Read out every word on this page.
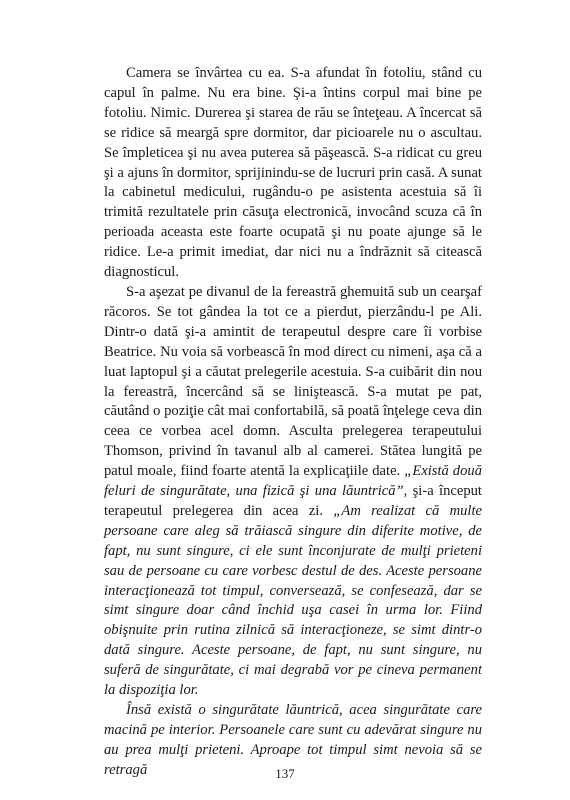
Camera se învârtea cu ea. S-a afundat în fotoliu, stând cu capul în palme. Nu era bine. Şi-a întins corpul mai bine pe fotoliu. Nimic. Durerea şi starea de rău se înteţeau. A încercat să se ridice să meargă spre dormitor, dar picioarele nu o ascultau. Se împleticea şi nu avea puterea să păşească. S-a ridicat cu greu şi a ajuns în dormitor, sprijinindu-se de lucruri prin casă. A sunat la cabinetul medicului, rugându-o pe asistenta acestuia să îi trimită rezultatele prin căsuţa electronică, invocând scuza că în perioada aceasta este foarte ocupată şi nu poate ajunge să le ridice. Le-a primit imediat, dar nici nu a îndrăznit să citească diagnosticul.

S-a aşezat pe divanul de la fereastră ghemuită sub un cearşaf răcoros. Se tot gândea la tot ce a pierdut, pierzându-l pe Ali. Dintr-o dată şi-a amintit de terapeutul despre care îi vorbise Beatrice. Nu voia să vorbească în mod direct cu nimeni, aşa că a luat laptopul şi a căutat prelegerile acestuia. S-a cuibărit din nou la fereastră, încercând să se liniştească. S-a mutat pe pat, căutând o poziţie cât mai confortabilă, să poată înţelege ceva din ceea ce vorbea acel domn. Asculta prelegerea terapeutului Thomson, privind în tavanul alb al camerei. Stătea lungită pe patul moale, fiind foarte atentă la explicaţiile date. „Există două feluri de singurătate, una fizică şi una lăuntrică”, şi-a început terapeutul prelegerea din acea zi. „Am realizat că multe persoane care aleg să trăiască singure din diferite motive, de fapt, nu sunt singure, ci ele sunt înconjurate de mulţi prieteni sau de persoane cu care vorbesc destul de des. Aceste persoane interacţionează tot timpul, conversează, se confesează, dar se simt singure doar când închid uşa casei în urma lor. Fiind obişnuite prin rutina zilnică să interacţioneze, se simt dintr-o dată singure. Aceste persoane, de fapt, nu sunt singure, nu suferă de singurătate, ci mai degrabă vor pe cineva permanent la dispoziţia lor.

Însă există o singurătate lăuntrică, acea singurătate care macină pe interior. Persoanele care sunt cu adevărat singure nu au prea mulţi prieteni. Aproape tot timpul simt nevoia să se retragă	137
